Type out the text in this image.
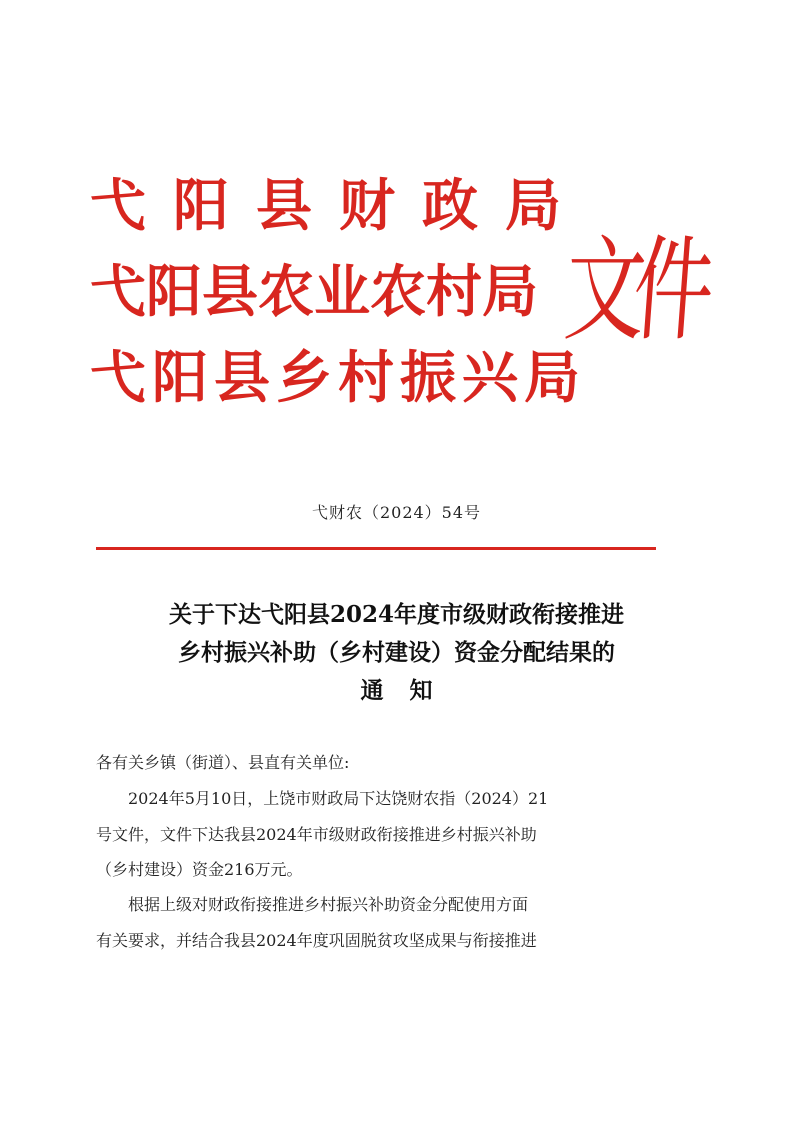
弋阳县财政局
弋阳县农业农村局
弋阳县乡村振兴局
文件
弋财农（2024）54号
关于下达弋阳县2024年度市级财政衔接推进
乡村振兴补助（乡村建设）资金分配结果的
通知
各有关乡镇（街道）、县直有关单位:
2024年5月10日，上饶市财政局下达饶财农指（2024）21
号文件，文件下达我县2024年市级财政衔接推进乡村振兴补助
（乡村建设）资金216万元。
根据上级对财政衔接推进乡村振兴补助资金分配使用方面
有关要求，并结合我县2024年度巩固脱贫攻坚成果与衔接推进
